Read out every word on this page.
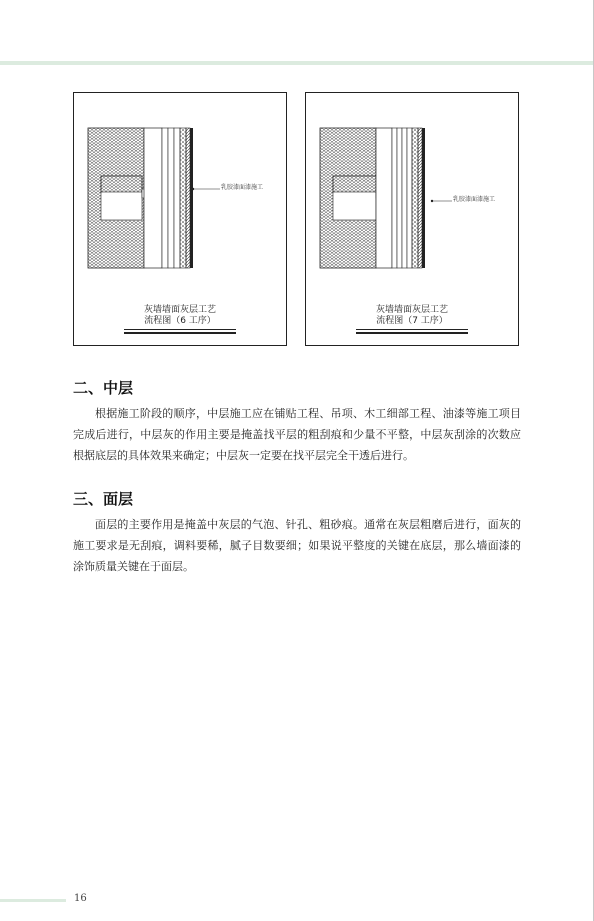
乳胶漆面漆施工
灰墙墙面灰层工艺
流程图（6 工序）
乳胶漆面漆施工
灰墙墙面灰层工艺
流程图（7 工序）
二、中层

根据施工阶段的顺序，中层施工应在铺贴工程、吊项、木工细部工程、油漆等施工项目完成后进行，中层灰的作用主要是掩盖找平层的粗刮痕和少量不平整，中层灰刮涂的次数应根据底层的具体效果来确定；中层灰一定要在找平层完全干透后进行。

三、面层

面层的主要作用是掩盖中灰层的气泡、针孔、粗砂痕。通常在灰层粗磨后进行，面灰的施工要求是无刮痕，调料要稀，腻子目数要细；如果说平整度的关键在底层，那么墙面漆的涂饰质量关键在于面层。

16
